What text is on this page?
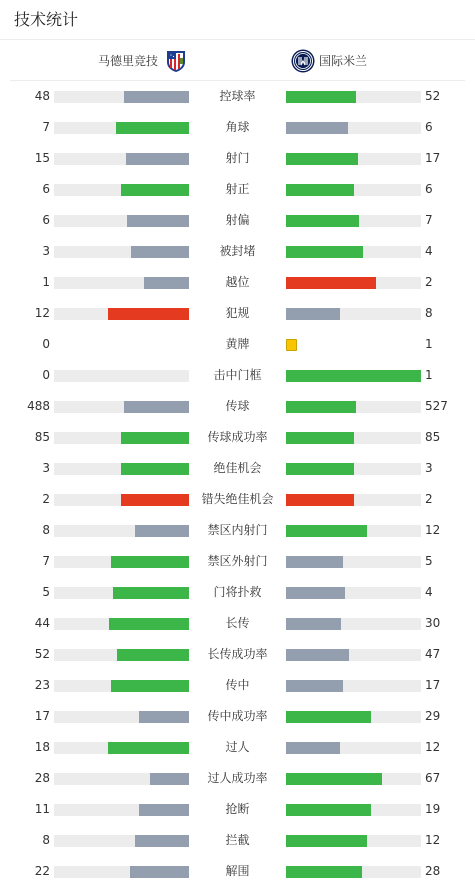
技术统计
马德里竞技	国际米兰
48	控球率	52
7	角球	6
15	射门	17
6	射正	6
6	射偏	7
3	被封堵	4
1	越位	2
12	犯规	8
0	黄牌	1
0	击中门框	1
488	传球	527
85	传球成功率	85
3	绝佳机会	3
2	错失绝佳机会	2
8	禁区内射门	12
7	禁区外射门	5
5	门将扑救	4
44	长传	30
52	长传成功率	47
23	传中	17
17	传中成功率	29
18	过人	12
28	过人成功率	67
11	抢断	19
8	拦截	12
22	解围	28
